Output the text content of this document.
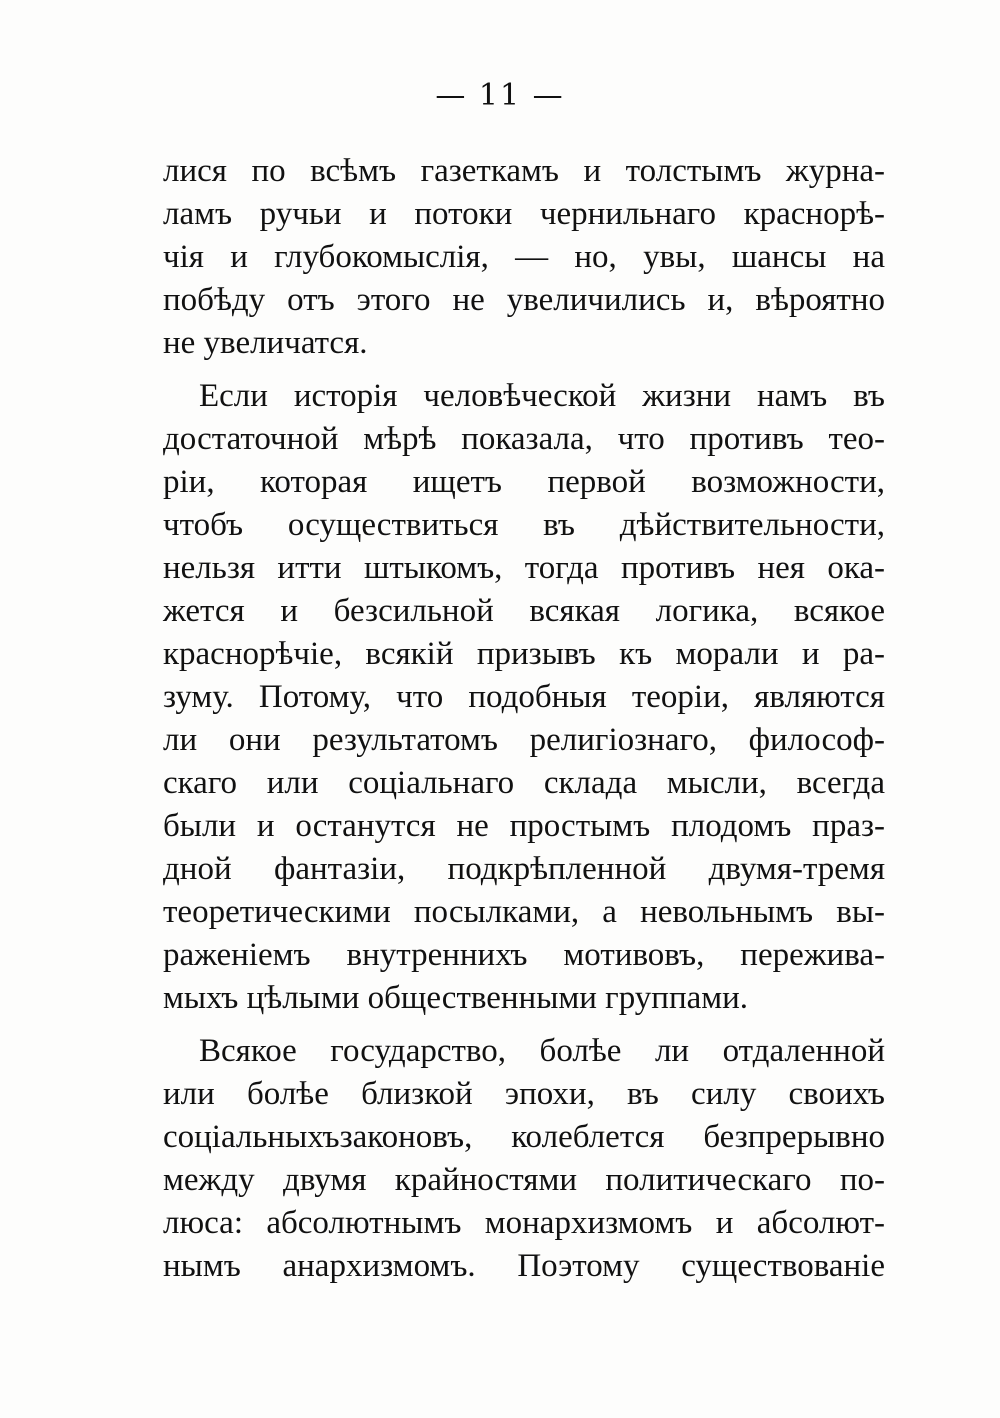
— 11 —
лися по всѣмъ газеткамъ и толстымъ журна-
ламъ ручьи и потоки чернильнаго краснорѣ-
чія и глубокомыслія, — но, увы, шансы на
побѣду отъ этого не увеличились и, вѣроятно
не увеличатся.
Если исторія человѣческой жизни намъ въ
достаточной мѣрѣ показала, что противъ тео-
ріи, которая ищетъ первой возможности,
чтобъ осуществиться въ дѣйствительности,
нельзя итти штыкомъ, тогда противъ нея ока-
жется и безсильной всякая логика, всякое
краснорѣчіе, всякій призывъ къ морали и ра-
зуму. Потому, что подобныя теоріи, являются
ли они результатомъ религіознаго, философ-
скаго или соціальнаго склада мысли, всегда
были и останутся не простымъ плодомъ праз-
дной фантазіи, подкрѣпленной двумя-тремя
теоретическими посылками, а невольнымъ вы-
раженіемъ внутреннихъ мотивовъ, пережива-
мыхъ цѣлыми общественными группами.
Всякое государство, болѣе ли отдаленной
или болѣе близкой эпохи, въ силу своихъ
соціальныхъзаконовъ, колеблется безпрерывно
между двумя крайностями политическаго по-
люса: абсолютнымъ монархизмомъ и абсолют-
нымъ анархизмомъ. Поэтому существованіе
